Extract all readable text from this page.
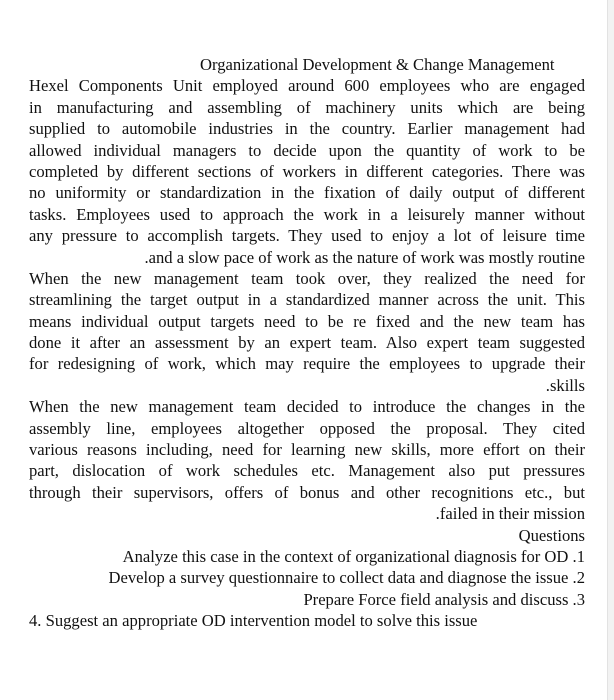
Organizational Development & Change Management
Hexel Components Unit employed around 600 employees who are engaged
in manufacturing and assembling of machinery units which are being
supplied to automobile industries in the country. Earlier management had
allowed individual managers to decide upon the quantity of work to be
completed by different sections of workers in different categories. There was
no uniformity or standardization in the fixation of daily output of different
tasks. Employees used to approach the work in a leisurely manner without
any pressure to accomplish targets. They used to enjoy a lot of leisure time
.and a slow pace of work as the nature of work was mostly routine
When the new management team took over, they realized the need for
streamlining the target output in a standardized manner across the unit. This
means individual output targets need to be re fixed and the new team has
done it after an assessment by an expert team. Also expert team suggested
for redesigning of work, which may require the employees to upgrade their
.skills
When the new management team decided to introduce the changes in the
assembly line, employees altogether opposed the proposal. They cited
various reasons including, need for learning new skills, more effort on their
part, dislocation of work schedules etc. Management also put pressures
through their supervisors, offers of bonus and other recognitions etc., but
.failed in their mission
Questions
Analyze this case in the context of organizational diagnosis for OD .1
Develop a survey questionnaire to collect data and diagnose the issue .2
Prepare Force field analysis and discuss .3
4. Suggest an appropriate OD intervention model to solve this issue
